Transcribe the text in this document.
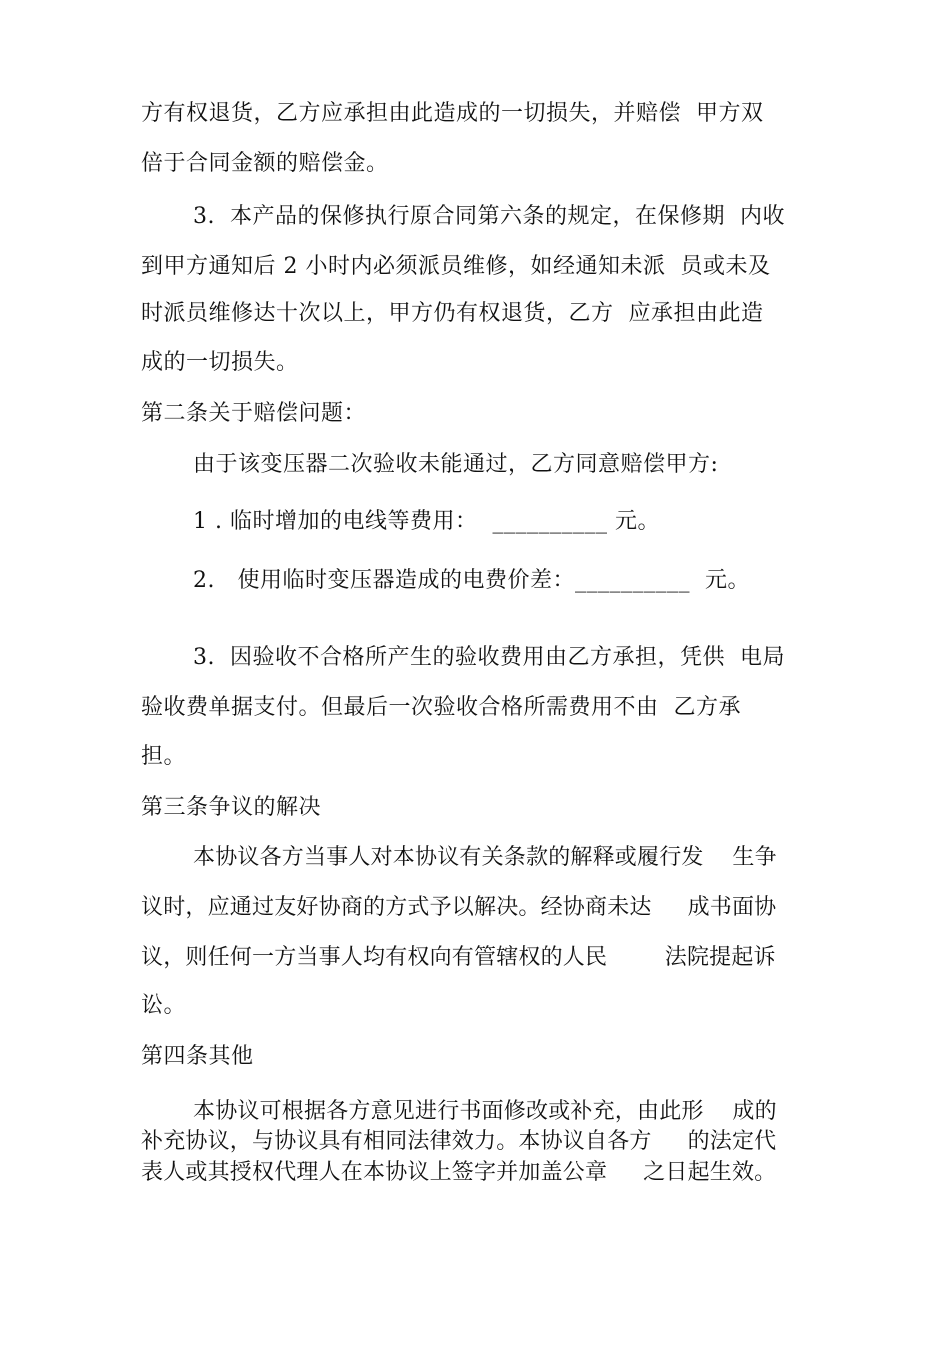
方有权退货，乙方应承担由此造成的一切损失，并赔偿  甲方双
倍于合同金额的赔偿金。
3.  本产品的保修执行原合同第六条的规定，在保修期  内收
到甲方通知后 2 小时内必须派员维修，如经通知未派  员或未及
时派员维修达十次以上，甲方仍有权退货，乙方  应承担由此造
成的一切损失。
第二条关于赔偿问题：
由于该变压器二次验收未能通过，乙方同意赔偿甲方:
1 . 临时增加的电线等费用：  __________ 元。
2.   使用临时变压器造成的电费价差：__________  元。
3.  因验收不合格所产生的验收费用由乙方承担，凭供  电局
验收费单据支付。但最后一次验收合格所需费用不由  乙方承
担。
第三条争议的解决
本协议各方当事人对本协议有关条款的解释或履行发    生争
议时，应通过友好协商的方式予以解决。经协商未达     成书面协
议，则任何一方当事人均有权向有管辖权的人民        法院提起诉
讼。
第四条其他
本协议可根据各方意见进行书面修改或补充，由此形    成的
补充协议，与协议具有相同法律效力。本协议自各方     的法定代
表人或其授权代理人在本协议上签字并加盖公章     之日起生效。
